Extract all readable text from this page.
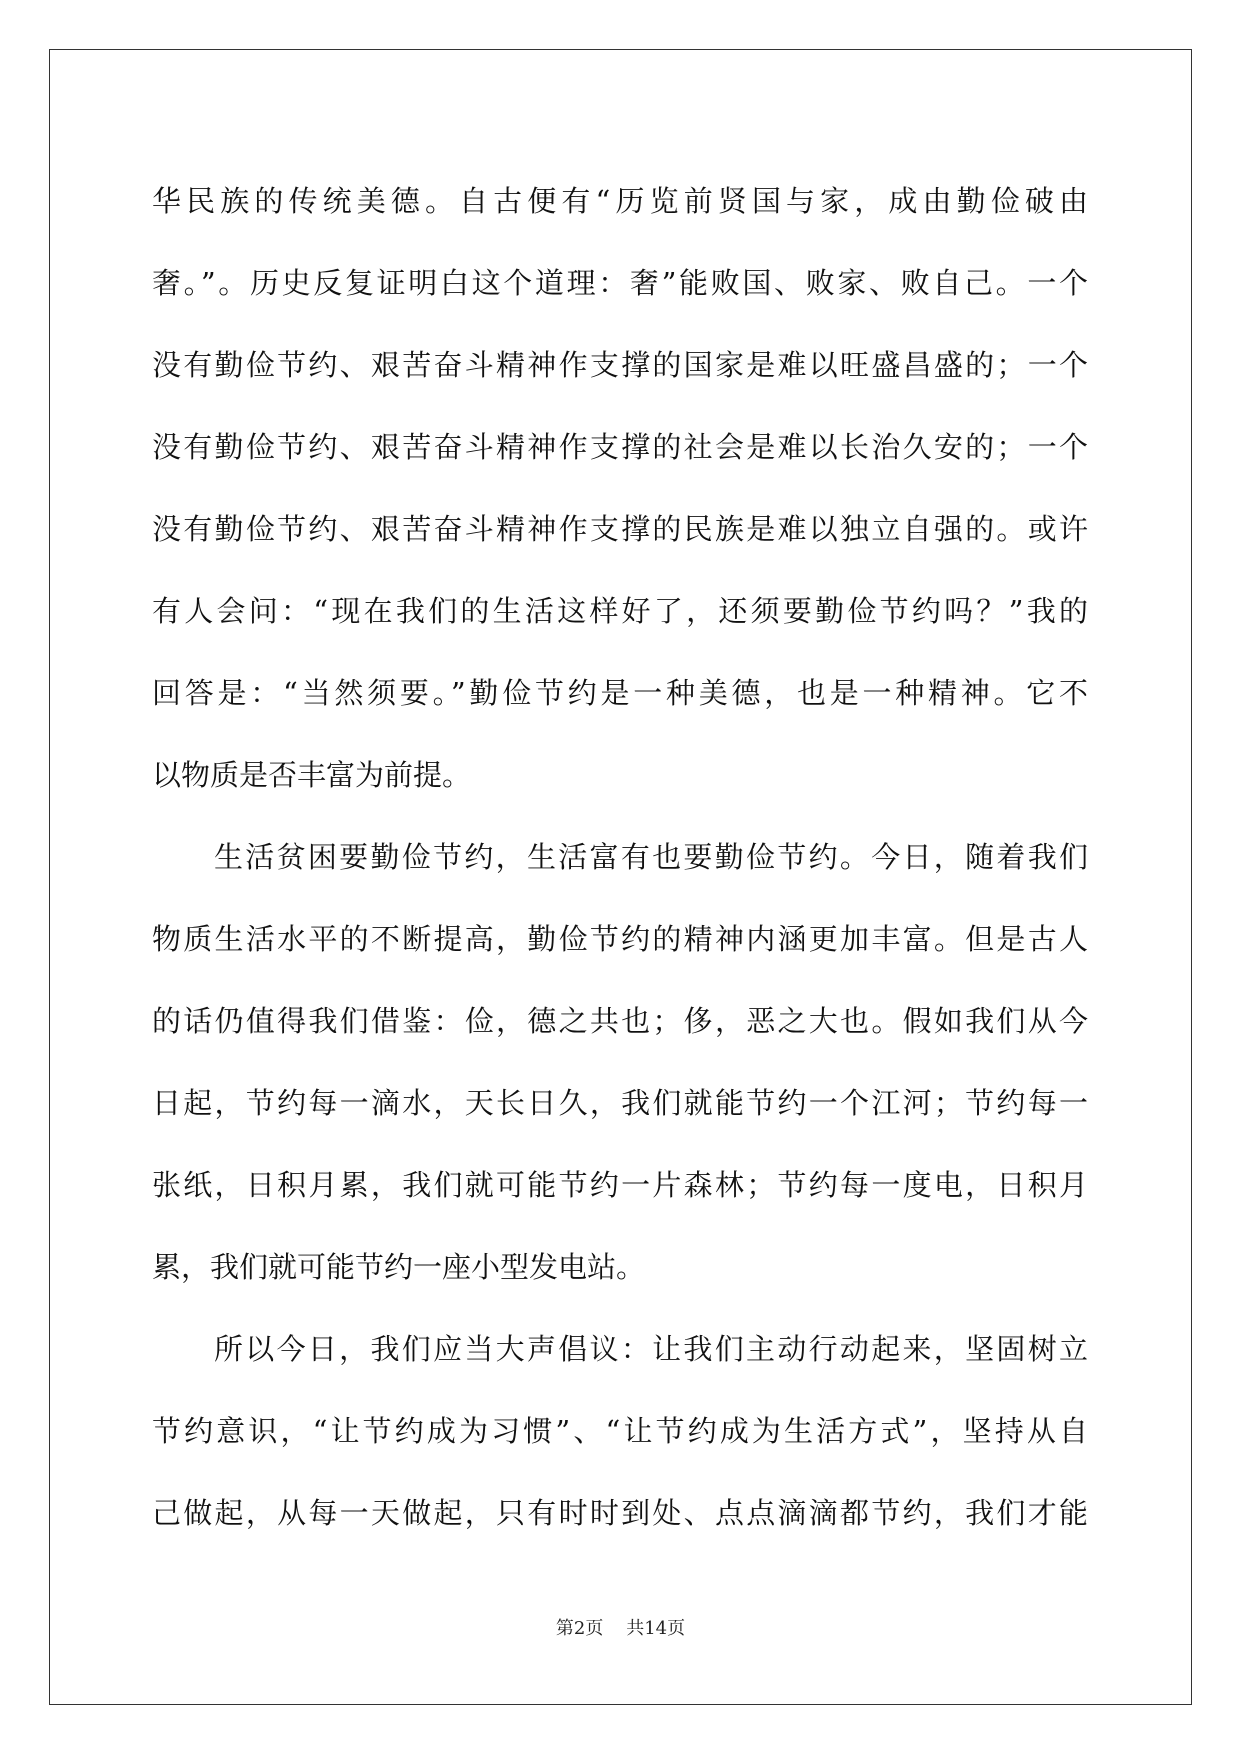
华民族的传统美德。自古便有“历览前贤国与家，成由勤俭破由
奢。”。历史反复证明白这个道理：奢”能败国、败家、败自己。一个
没有勤俭节约、艰苦奋斗精神作支撑的国家是难以旺盛昌盛的；一个
没有勤俭节约、艰苦奋斗精神作支撑的社会是难以长治久安的；一个
没有勤俭节约、艰苦奋斗精神作支撑的民族是难以独立自强的。或许
有人会问：“现在我们的生活这样好了，还须要勤俭节约吗？”我的
回答是：“当然须要。”勤俭节约是一种美德，也是一种精神。它不
以物质是否丰富为前提。
生活贫困要勤俭节约，生活富有也要勤俭节约。今日，随着我们
物质生活水平的不断提高，勤俭节约的精神内涵更加丰富。但是古人
的话仍值得我们借鉴：俭，德之共也；侈，恶之大也。假如我们从今
日起，节约每一滴水，天长日久，我们就能节约一个江河；节约每一
张纸，日积月累，我们就可能节约一片森林；节约每一度电，日积月
累，我们就可能节约一座小型发电站。
所以今日，我们应当大声倡议：让我们主动行动起来，坚固树立
节约意识，“让节约成为习惯”、“让节约成为生活方式”，坚持从自
己做起，从每一天做起，只有时时到处、点点滴滴都节约，我们才能
第2页 共14页
